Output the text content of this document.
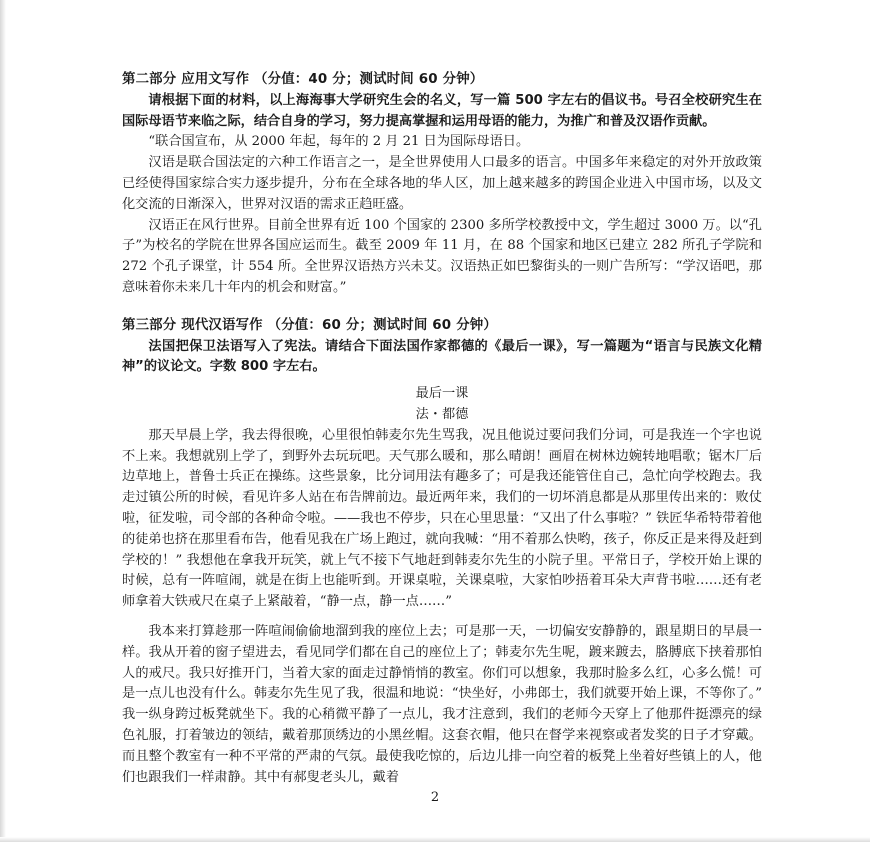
第二部分 应用文写作 （分值：40 分；测试时间 60 分钟）

请根据下面的材料，以上海海事大学研究生会的名义，写一篇 500 字左右的倡议书。号召全校研究生在国际母语节来临之际，结合自身的学习，努力提高掌握和运用母语的能力，为推广和普及汉语作贡献。

“联合国宣布，从 2000 年起，每年的 2 月 21 日为国际母语日。

汉语是联合国法定的六种工作语言之一，是全世界使用人口最多的语言。中国多年来稳定的对外开放政策已经使得国家综合实力逐步提升，分布在全球各地的华人区，加上越来越多的跨国企业进入中国市场，以及文化交流的日渐深入，世界对汉语的需求正趋旺盛。

汉语正在风行世界。目前全世界有近 100 个国家的 2300 多所学校教授中文，学生超过 3000 万。以“孔子”为校名的学院在世界各国应运而生。截至 2009 年 11 月，在 88 个国家和地区已建立 282 所孔子学院和 272 个孔子课堂，计 554 所。全世界汉语热方兴未艾。汉语热正如巴黎街头的一则广告所写：“学汉语吧，那意味着你未来几十年内的机会和财富。”

第三部分 现代汉语写作 （分值：60 分；测试时间 60 分钟）

法国把保卫法语写入了宪法。请结合下面法国作家都德的《最后一课》，写一篇题为“语言与民族文化精神”的议论文。字数 800 字左右。

最后一课

法・都德

那天早晨上学，我去得很晚，心里很怕韩麦尔先生骂我，况且他说过要问我们分词，可是我连一个字也说不上来。我想就别上学了，到野外去玩玩吧。天气那么暖和，那么晴朗！画眉在树林边婉转地唱歌；锯木厂后边草地上，普鲁士兵正在操练。这些景象，比分词用法有趣多了；可是我还能管住自己，急忙向学校跑去。我走过镇公所的时候，看见许多人站在布告牌前边。最近两年来，我们的一切坏消息都是从那里传出来的：败仗啦，征发啦，司令部的各种命令啦。——我也不停步，只在心里思量：“又出了什么事啦？” 铁匠华希特带着他的徒弟也挤在那里看布告，他看见我在广场上跑过，就向我喊：“用不着那么快哟，孩子，你反正是来得及赶到学校的！” 我想他在拿我开玩笑，就上气不接下气地赶到韩麦尔先生的小院子里。平常日子，学校开始上课的时候，总有一阵喧闹，就是在街上也能听到。开课桌啦，关课桌啦，大家怕吵捂着耳朵大声背书啦……还有老师拿着大铁戒尺在桌子上紧敲着，“静一点，静一点……”

我本来打算趁那一阵喧闹偷偷地溜到我的座位上去；可是那一天，一切偏安安静静的，跟星期日的早晨一样。我从开着的窗子望进去，看见同学们都在自己的座位上了；韩麦尔先生呢，踱来踱去，胳膊底下挟着那怕人的戒尺。我只好推开门，当着大家的面走过静悄悄的教室。你们可以想象，我那时脸多么红，心多么慌！可是一点儿也没有什么。韩麦尔先生见了我，很温和地说：“快坐好，小弗郎士，我们就要开始上课，不等你了。” 我一纵身跨过板凳就坐下。我的心稍微平静了一点儿，我才注意到，我们的老师今天穿上了他那件挺漂亮的绿色礼服，打着皱边的领结，戴着那顶绣边的小黑丝帽。这套衣帽，他只在督学来视察或者发奖的日子才穿戴。而且整个教室有一种不平常的严肃的气氛。最使我吃惊的，后边儿排一向空着的板凳上坐着好些镇上的人，他们也跟我们一样肃静。其中有郝叟老头儿，戴着

2
